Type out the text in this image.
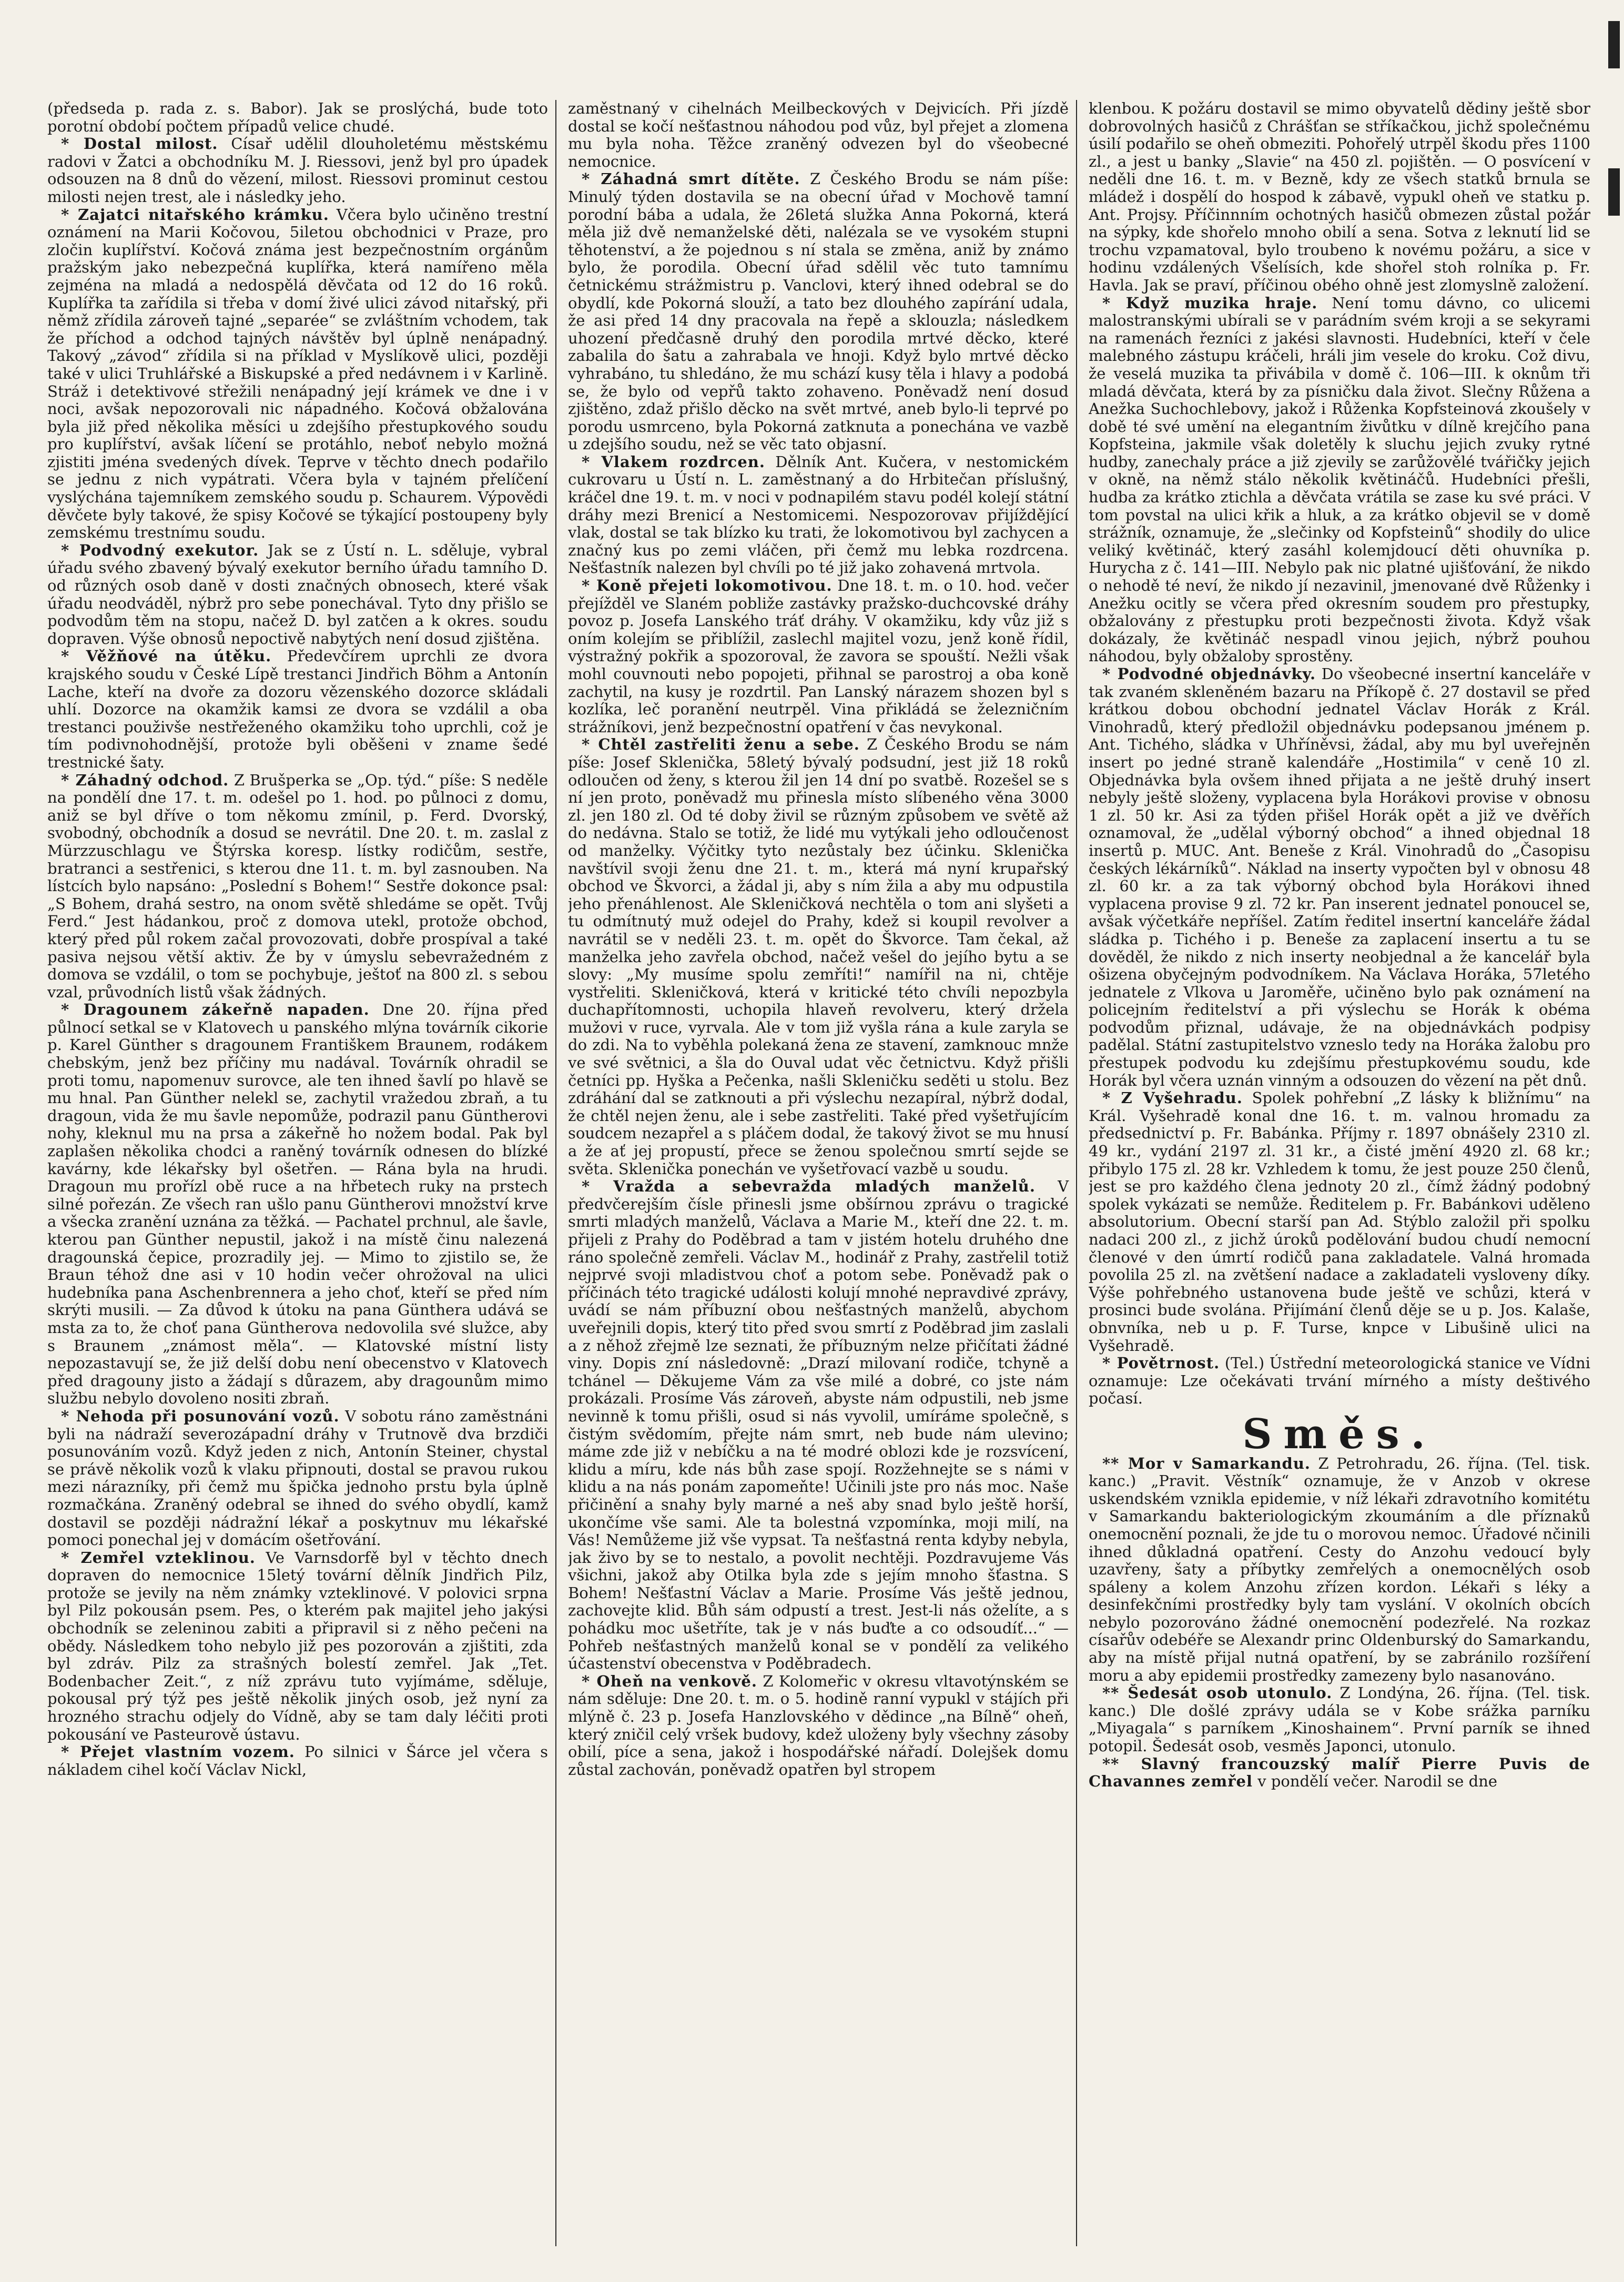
(předseda p. rada z. s. Babor). Jak se proslýchá, bude toto porotní období počtem případů velice chudé.

* Dostal milost. Císař udělil dlouholetému městskému radovi v Žatci a obchodníku M. J. Riessovi, jenž byl pro úpadek odsouzen na 8 dnů do vězení, milost. Riessovi prominut cestou milosti nejen trest, ale i následky jeho.

* Zajatci nitařského krámku. Včera bylo učiněno trestní oznámení na Marii Kočovou, 5iletou obchodnici v Praze, pro zločin kuplířství. Kočová známa jest bezpečnostním orgánům pražským jako nebezpečná kuplířka, která namířeno měla zejména na mladá a nedospělá děvčata od 12 do 16 roků. Kuplířka ta zařídila si třeba v domí živé ulici závod nitařský, při němž zřídila zároveň tajné „separée“ se zvláštním vchodem, tak že příchod a odchod tajných návštěv byl úplně nenápadný. Takový „závod“ zřídila si na příklad v Myslíkově ulici, později také v ulici Truhlářské a Biskupské a před nedávnem i v Karlině. Stráž i detektivové střežili nenápadný její krámek ve dne i v noci, avšak nepozorovali nic nápadného. Kočová obžalována byla již před několika měsíci u zdejšího přestupkového soudu pro kuplířství, avšak líčení se protáhlo, neboť nebylo možná zjistiti jména svedených dívek. Teprve v těchto dnech podařilo se jednu z nich vypátrati. Včera byla v tajném přelíčení vyslýchána tajemníkem zemského soudu p. Schaurem. Výpovědi děvčete byly takové, že spisy Kočové se týkající postoupeny byly zemskému trestnímu soudu.

* Podvodný exekutor. Jak se z Ústí n. L. sděluje, vybral úřadu svého zbavený bývalý exekutor berního úřadu tamního D. od různých osob daně v dosti značných obnosech, které však úřadu neodváděl, nýbrž pro sebe ponechával. Tyto dny přišlo se podvodům těm na stopu, načež D. byl zatčen a k okres. soudu dopraven. Výše obnosů nepoctivě nabytých není dosud zjištěna.

* Věžňové na útěku. Předevčírem uprchli ze dvora krajského soudu v České Lípě trestanci Jindřich Böhm a Antonín Lache, kteří na dvoře za dozoru vězenského dozorce skládali uhlí. Dozorce na okamžik kamsi ze dvora se vzdálil a oba trestanci použivše nestřeženého okamžiku toho uprchli, což je tím podivnohodnější, protože byli oběšeni v zname šedé trestnické šaty.

* Záhadný odchod. Z Brušperka se „Op. týd.“ píše: S neděle na pondělí dne 17. t. m. odešel po 1. hod. po půlnoci z domu, aniž se byl dříve o tom někomu zmínil, p. Ferd. Dvorský, svobodný, obchodník a dosud se nevrátil. Dne 20. t. m. zaslal z Mürzzuschlagu ve Štýrska koresp. lístky rodičům, sestře, bratranci a sestřenici, s kterou dne 11. t. m. byl zasnouben. Na lístcích bylo napsáno: „Poslední s Bohem!“ Sestře dokonce psal: „S Bohem, drahá sestro, na onom světě shledáme se opět. Tvůj Ferd.“ Jest hádankou, proč z domova utekl, protože obchod, který před půl rokem začal provozovati, dobře prospíval a také pasiva nejsou větší aktiv. Že by v úmyslu sebevražedném z domova se vzdálil, o tom se pochybuje, ještoť na 800 zl. s sebou vzal, průvodních listů však žádných.

* Dragounem zákeřně napaden. Dne 20. října před půlnocí setkal se v Klatovech u panského mlýna továrník cikorie p. Karel Günther s dragounem Františkem Braunem, rodákem chebským, jenž bez příčiny mu nadával. Továrník ohradil se proti tomu, napomenuv surovce, ale ten ihned šavlí po hlavě se mu hnal. Pan Günther nelekl se, zachytil vražedou zbraň, a tu dragoun, vida že mu šavle nepomůže, podrazil panu Güntherovi nohy, kleknul mu na prsa a zákeřně ho nožem bodal. Pak byl zaplašen několika chodci a raněný továrník odnesen do blízké kavárny, kde lékařsky byl ošetřen. — Rána byla na hrudi. Dragoun mu prořízl obě ruce a na hřbetech ruky na prstech silné pořezán. Ze všech ran ušlo panu Güntherovi množství krve a všecka zranění uznána za těžká. — Pachatel prchnul, ale šavle, kterou pan Günther nepustil, jakož i na místě činu nalezená dragounská čepice, prozradily jej. — Mimo to zjistilo se, že Braun téhož dne asi v 10 hodin večer ohrožoval na ulici hudebníka pana Aschenbrennera a jeho choť, kteří se před ním skrýti musili. — Za důvod k útoku na pana Günthera udává se msta za to, že choť pana Güntherova nedovolila své služce, aby s Braunem „známost měla“. — Klatovské místní listy nepozastavují se, že již delší dobu není obecenstvo v Klatovech před dragouny jisto a žádají s důrazem, aby dragounům mimo službu nebylo dovoleno nositi zbraň.

* Nehoda při posunování vozů. V sobotu ráno zaměstnáni byli na nádraží severozápadní dráhy v Trutnově dva brzdiči posunováním vozů. Když jeden z nich, Antonín Steiner, chystal se právě několik vozů k vlaku připnouti, dostal se pravou rukou mezi nárazníky, při čemž mu špička jednoho prstu byla úplně rozmačkána. Zraněný odebral se ihned do svého obydlí, kamž dostavil se později nádražní lékař a poskytnuv mu lékařské pomoci ponechal jej v domácím ošetřování.

* Zemřel vzteklinou. Ve Varnsdorfě byl v těchto dnech dopraven do nemocnice 15letý tovární dělník Jindřich Pilz, protože se jevily na něm známky vzteklinové. V polovici srpna byl Pilz pokousán psem. Pes, o kterém pak majitel jeho jakýsi obchodník se zeleninou zabiti a připravil si z něho pečeni na obědy. Následkem toho nebylo již pes pozorován a zjištiti, zda byl zdráv. Pilz za strašných bolestí zemřel. Jak „Tet. Bodenbacher Zeit.“, z níž zprávu tuto vyjímáme, sděluje, pokousal prý týž pes ještě několik jiných osob, jež nyní za hrozného strachu odjely do Vídně, aby se tam daly léčiti proti pokousání ve Pasteurově ústavu.

* Přejet vlastním vozem. Po silnici v Šárce jel včera s nákladem cihel kočí Václav Nickl,

zaměstnaný v cihelnách Meilbeckových v Dejvicích. Při jízdě dostal se kočí nešťastnou náhodou pod vůz, byl přejet a zlomena mu byla noha. Těžce zraněný odvezen byl do všeobecné nemocnice.

* Záhadná smrt dítěte. Z Českého Brodu se nám píše: Minulý týden dostavila se na obecní úřad v Mochově tamní porodní bába a udala, že 26letá služka Anna Pokorná, která měla již dvě nemanželské děti, nalézala se ve vysokém stupni těhotenství, a že pojednou s ní stala se změna, aniž by známo bylo, že porodila. Obecní úřad sdělil věc tuto tamnímu četnickému strážmistru p. Vanclovi, který ihned odebral se do obydlí, kde Pokorná slouží, a tato bez dlouhého zapírání udala, že asi před 14 dny pracovala na řepě a sklouzla; následkem uhození předčasně druhý den porodila mrtvé děcko, které zabalila do šatu a zahrabala ve hnoji. Když bylo mrtvé děcko vyhrabáno, tu shledáno, že mu schází kusy těla i hlavy a podobá se, že bylo od vepřů takto zohaveno. Poněvadž není dosud zjištěno, zdaž přišlo děcko na svět mrtvé, aneb bylo-li teprvé po porodu usmrceno, byla Pokorná zatknuta a ponechána ve vazbě u zdejšího soudu, než se věc tato objasní.

* Vlakem rozdrcen. Dělník Ant. Kučera, v nestomickém cukrovaru u Ústí n. L. zaměstnaný a do Hrbitečan příslušný, kráčel dne 19. t. m. v noci v podnapilém stavu podél kolejí státní dráhy mezi Brenicí a Nestomicemi. Nespozorovav přijíždějící vlak, dostal se tak blízko ku trati, že lokomotivou byl zachycen a značný kus po zemi vláčen, při čemž mu lebka rozdrcena. Nešťastník nalezen byl chvíli po té již jako zohavená mrtvola.

* Koně přejeti lokomotivou. Dne 18. t. m. o 10. hod. večer přejížděl ve Slaném pobliže zastávky pražsko-duchcovské dráhy povoz p. Josefa Lanského tráť dráhy. V okamžiku, kdy vůz již s oním kolejím se přiblížil, zaslechl majitel vozu, jenž koně řídil, výstražný pokřik a spozoroval, že zavora se spouští. Nežli však mohl couvnouti nebo popojeti, přihnal se parostroj a oba koně zachytil, na kusy je rozdrtil. Pan Lanský nárazem shozen byl s kozlíka, leč poranění neutrpěl. Vina přikládá se železničním strážníkovi, jenž bezpečnostní opatření v čas nevykonal.

* Chtěl zastřeliti ženu a sebe. Z Českého Brodu se nám píše: Josef Skleničkа, 58letý bývalý podsudní, jest již 18 roků odloučen od ženy, s kterou žil jen 14 dní po svatbě. Rozešel se s ní jen proto, poněvadž mu přinesla místo slíbeného věna 3000 zl. jen 180 zl. Od té doby živil se různým způsobem ve světě až do nedávna. Stalo se totiž, že lidé mu vytýkali jeho odloučenost od manželky. Výčitky tyto nezůstaly bez účinku. Sklenička navštívil svoji ženu dne 21. t. m., která má nyní krupařský obchod ve Škvorci, a žádal ji, aby s ním žila a aby mu odpustila jeho přenáhlenost. Ale Skleničková nechtěla o tom ani slyšeti a tu odmítnutý muž odejel do Prahy, kdež si koupil revolver a navrátil se v neděli 23. t. m. opět do Škvorce. Tam čekal, až manželka jeho zavřela obchod, načež vešel do jejího bytu a se slovy: „My musíme spolu zemříti!“ namířil na ni, chtěje vystřeliti. Skleničková, která v kritické této chvíli nepozbyla duchapřítomnosti, uchopila hlaveň revolveru, který držela mužovi v ruce, vyrvala. Ale v tom již vyšla rána a kule zaryla se do zdi. Na to vyběhla polekaná žena ze stavení, zamknouc mnže ve své světnici, a šla do Ouval udat věc četnictvu. Když přišli četníci pp. Hyška a Pečenka, našli Skleničku seděti u stolu. Bez zdráhání dal se zatknouti a při výslechu nezapíral, nýbrž dodal, že chtěl nejen ženu, ale i sebe zastřeliti. Také před vyšetřujícím soudcem nezapřel a s pláčem dodal, že takový život se mu hnusí a že ať jej propustí, přece se ženou společnou smrtí sejde se světa. Sklenička ponechán ve vyšetřovací vazbě u soudu.

* Vražda a sebevražda mladých manželů. V předvčerejším čísle přinesli jsme obšírnou zprávu o tragické smrti mladých manželů, Václava a Marie M., kteří dne 22. t. m. přijeli z Prahy do Poděbrad a tam v jistém hotelu druhého dne ráno společně zemřeli. Václav M., hodinář z Prahy, zastřelil totiž nejprvé svoji mladistvou choť a potom sebe. Poněvadž pak o příčinách této tragické události kolují mnohé nepravdivé zprávy, uvádí se nám příbuzní obou nešťastných manželů, abychom uveřejnili dopis, který tito před svou smrtí z Poděbrad jim zaslali a z něhož zřejmě lze seznati, že příbuzným nelze přičítati žádné viny. Dopis zní následovně: „Drazí milovaní rodiče, tchyně a tchánel — Děkujeme Vám za vše milé a dobré, co jste nám prokázali. Prosíme Vás zároveň, abyste nám odpustili, neb jsme nevinně k tomu přišli, osud si nás vyvolil, umíráme společně, s čistým svědomím, přejte nám smrt, neb bude nám ulevino; máme zde již v nebíčku a na té modré oblozi kde je rozsvícení, klidu a míru, kde nás bůh zase spojí. Rozžehnejte se s námi v klidu a na nás ponám zapomeňte! Učinili jste pro nás moc. Naše přičinění a snahy byly marné a neš aby snad bylo ještě horší, ukončíme vše sami. Ale ta bolestná vzpomínka, moji milí, na Vás! Nemůžeme již vše vypsat. Ta nešťastná renta kdyby nebyla, jak živo by se to nestalo, a povolit nechtěji. Pozdravujeme Vás všichni, jakož aby Otilka byla zde s jejím mnoho šťastna. S Bohem! Nešťastní Václav a Marie. Prosíme Vás ještě jednou, zachovejte klid. Bůh sám odpustí a trest. Jest-li nás oželíte, a s pohádku moc ušetříte, tak je v nás buďte a co odsoudíť...“ — Pohřeb nešťastných manželů konal se v pondělí za velikého účastenství obecenstva v Poděbradech.

* Oheň na venkově. Z Kolomeřic v okresu vltavotýnském se nám sděluje: Dne 20. t. m. o 5. hodině ranní vypukl v stájích při mlýně č. 23 p. Josefa Hanzlovského v dědince „na Bílně“ oheň, který zničil celý vršek budovy, kdež uloženy byly všechny zásoby obilí, píce a sena, jakož i hospodářské nářadí. Dolejšek domu zůstal zachován, poněvadž opatřen byl stropem

klenbou. K požáru dostavil se mimo obyvatelů dědiny ještě sbor dobrovolných hasičů z Chrášťan se stříkačkou, jichž společnému úsilí podařilo se oheň obmeziti. Pohořelý utrpěl škodu přes 1100 zl., a jest u banky „Slavie“ na 450 zl. pojištěn. — O posvícení v neděli dne 16. t. m. v Bezně, kdy ze všech statků brnula se mládež i dospělí do hospod k zábavě, vypukl oheň ve statku p. Ant. Projsy. Příčinnním ochotných hasičů obmezen zůstal požár na sýpky, kde shořelo mnoho obilí a sena. Sotva z leknutí lid se trochu vzpamatoval, bylo troubeno k novému požáru, a sice v hodinu vzdálených Všelísích, kde shořel stoh rolníka p. Fr. Havla. Jak se praví, příčinou obého ohně jest zlomyslně založení.

* Když muzika hraje. Není tomu dávno, co ulicemi malostranskými ubírali se v parádním svém kroji a se sekyrami na ramenách řezníci z jakési slavnosti. Hudebníci, kteří v čele malebného zástupu kráčeli, hráli jim vesele do kroku. Což divu, že veselá muzika ta přivábila v domě č. 106—III. k oknům tři mladá děvčata, která by za písničku dala život. Slečny Růžena a Anežka Suchochlebovy, jakož i Růženka Kopfsteinová zkoušely v době té své umění na elegantním živůtku v dílně krejčího pana Kopfsteina, jakmile však doletěly k sluchu jejich zvuky rytné hudby, zanechaly práce a již zjevily se zarůžovělé tvářičky jejich v okně, na němž stálo několik květináčů. Hudebníci přešli, hudba za krátko ztichla a děvčata vrátila se zase ku své práci. V tom povstal na ulici křik a hluk, a za krátko objevil se v domě strážník, oznamuje, že „slečinky od Kopfsteinů“ shodily do ulice veliký květináč, který zasáhl kolemjdoucí děti ohuvníka p. Hurycha z č. 141—III. Nebylo pak nic platné ujišťování, že nikdo o nehodě té neví, že nikdo jí nezavinil, jmenované dvě Růženky i Anežku ocitly se včera před okresním soudem pro přestupky, obžalovány z přestupku proti bezpečnosti života. Když však dokázaly, že květináč nespadl vinou jejich, nýbrž pouhou náhodou, byly obžaloby sprostěny.

* Podvodné objednávky. Do všeobecné insertní kanceláře v tak zvaném skleněném bazaru na Příkopě č. 27 dostavil se před krátkou dobou obchodní jednatel Václav Horák z Král. Vinohradů, který předložil objednávku podepsanou jménem p. Ant. Tichého, sládka v Uhříněvsi, žádal, aby mu byl uveřejněn insert po jedné straně kalendáře „Hostimila“ v ceně 10 zl. Objednávka byla ovšem ihned přijata a ne ještě druhý insert nebyly ještě složeny, vyplacena byla Horákovi provise v obnosu 1 zl. 50 kr. Asi za týden přišel Horák opět a již ve dvěřích oznamoval, že „udělal výborný obchod“ a ihned objednal 18 insertů p. MUC. Ant. Beneše z Král. Vinohradů do „Časopisu českých lékárníků“. Náklad na inserty vypočten byl v obnosu 48 zl. 60 kr. a za tak výborný obchod byla Horákovi ihned vyplacena provise 9 zl. 72 kr. Pan inserent jednatel ponoucel se, avšak výčetkáře nepříšel. Zatím ředitel insertní kanceláře žádal sládka p. Tichého i p. Beneše za zaplacení insertu a tu se dověděl, že nikdo z nich inserty neobjednal a že kancelář byla ošizena obyčejným podvodníkem. Na Václava Horáka, 57letého jednatele z Vlkova u Jaroměře, učiněno bylo pak oznámení na policejním ředitelství a při výslechu se Horák k obéma podvodům přiznal, udávaje, že na objednávkách podpisy padělal. Státní zastupitelstvo vzneslo tedy na Horáka žalobu pro přestupek podvodu ku zdejšímu přestupkovému soudu, kde Horák byl včera uznán vinným a odsouzen do vězení na pět dnů.

* Z Vyšehradu. Spolek pohřební „Z lásky k bližnímu“ na Král. Vyšehradě konal dne 16. t. m. valnou hromadu za předsednictví p. Fr. Babánka. Příjmy r. 1897 obnášely 2310 zl. 49 kr., vydání 2197 zl. 31 kr., a čisté jmění 4920 zl. 68 kr.; přibylo 175 zl. 28 kr. Vzhledem k tomu, že jest pouze 250 členů, jest se pro každého člena jednoty 20 zl., čímž žádný podobný spolek vykázati se nemůže. Ředitelem p. Fr. Babánkovi uděleno absolutorium. Obecní starší pan Ad. Stýblo založil při spolku nadaci 200 zl., z jichž úroků podělování budou chudí nemocní členové v den úmrtí rodičů pana zakladatele. Valná hromada povolila 25 zl. na zvětšení nadace a zakladateli vysloveny díky. Výše pohřebného ustanovena bude ještě ve schůzi, která v prosinci bude svolána. Přijímání členů děje se u p. Jos. Kalaše, obnvníka, neb u p. F. Turse, knpce v Libušině ulici na Vyšehradě.

* Povětrnost. (Tel.) Ústřední meteorologická stanice ve Vídni oznamuje: Lze očekávati trvání mírného a místy deštivého počasí.

Směs.

** Mor v Samarkandu. Z Petrohradu, 26. října. (Tel. tisk. kanc.) „Pravit. Věstník“ oznamuje, že v Anzob v okrese uskendském vznikla epidemie, v níž lékaři zdravotního komitétu v Samarkandu bakteriologickým zkoumáním a dle příznaků onemocnění poznali, že jde tu o morovou nemoc. Úřadové nčinili ihned důkladná opatření. Cesty do Anzohu vedoucí byly uzavřeny, šaty a příbytky zemřelých a onemocnělých osob spáleny a kolem Anzohu zřízen kordon. Lékaři s léky a desinfekčními prostředky byly tam vyslání. V okolních obcích nebylo pozorováno žádné onemocnění podezřelé. Na rozkaz císařův odebéře se Alexandr princ Oldenburský do Samarkandu, aby na místě přijal nutná opatření, by se zabránilo rozšíření moru a aby epidemii prostředky zamezeny bylo nasanováno.

** Šedesát osob utonulo. Z Londýna, 26. října. (Tel. tisk. kanc.) Dle došlé zprávy udála se v Kobe srážka parníku „Miyagala“ s parníkem „Kinoshainem“. První parník se ihned potopil. Šedesát osob, vesměs Japonci, utonulo.

** Slavný francouzský malíř Pierre Puvis de Chavannes zemřel v pondělí večer. Narodil se dne
